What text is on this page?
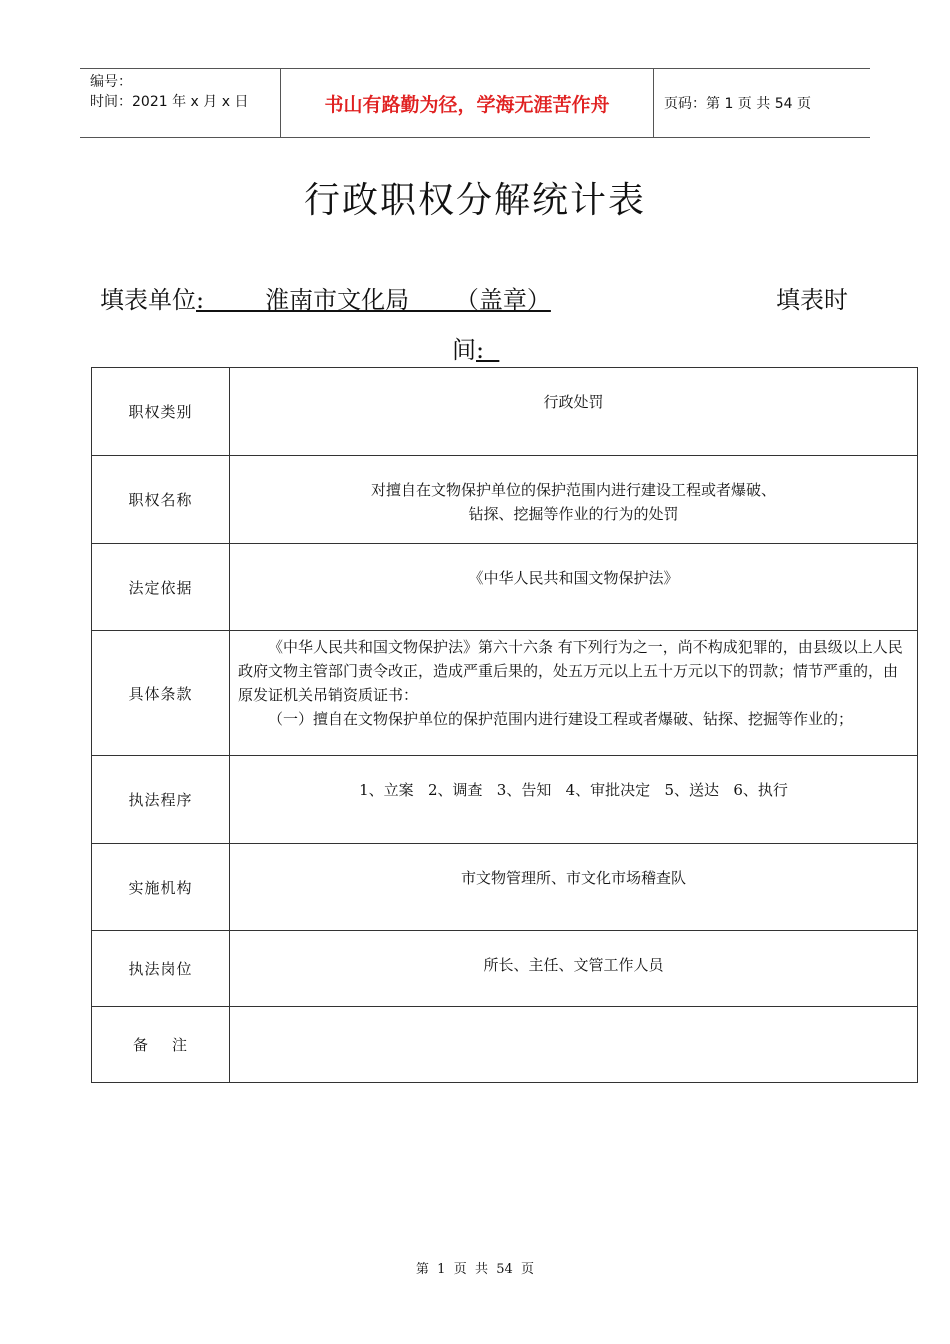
编号：
时间：2021 年 x 月 x 日	书山有路勤为径，学海无涯苦作舟	页码：第 1 页 共 54 页
行政职权分解统计表
填表单位:        淮南市文化局      （盖章）	填表时
间:
职权类别	行政处罚
职权名称	对擅自在文物保护单位的保护范围内进行建设工程或者爆破、
钻探、挖掘等作业的行为的处罚

法定依据	《中华人民共和国文物保护法》
具体条款	《中华人民共和国文物保护法》第六十六条 有下列行为之一，尚不构成犯罪的，由县级以上人民政府文物主管部门责令改正，造成严重后果的，处五万元以上五十万元以下的罚款；情节严重的，由原发证机关吊销资质证书：

（一）擅自在文物保护单位的保护范围内进行建设工程或者爆破、钻探、挖掘等作业的；

执法程序	1、立案   2、调查   3、告知   4、审批决定   5、送达   6、执行
实施机构	市文物管理所、市文化市场稽查队
执法岗位	所长、主任、文管工作人员
备    注	
第  1  页  共  54  页
